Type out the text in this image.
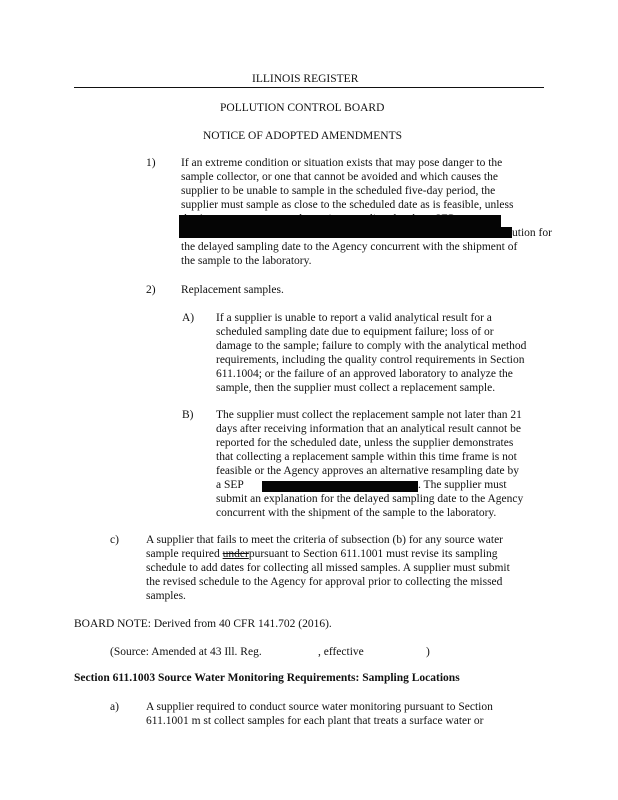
ILLINOIS REGISTER

POLLUTION CONTROL BOARD

NOTICE OF ADOPTED AMENDMENTS

1) If an extreme condition or situation exists that may pose danger to the
sample collector, or one that cannot be avoided and which causes the
supplier to be unable to sample in the scheduled five-day period, the
supplier must sample as close to the scheduled date as is feasible, unless
ution for
the delayed sampling date to the Agency concurrent with the shipment of
the sample to the laboratory.
2) Replacement samples.
A) If a supplier is unable to report a valid analytical result for a
scheduled sampling date due to equipment failure; loss of or
damage to the sample; failure to comply with the analytical method
requirements, including the quality control requirements in Section
611.1004; or the failure of an approved laboratory to analyze the
sample, then the supplier must collect a replacement sample.
B) The supplier must collect the replacement sample not later than 21
days after receiving information that an analytical result cannot be
reported for the scheduled date, unless the supplier demonstrates
that collecting a replacement sample within this time frame is not
feasible or the Agency approves an alternative resampling date by
a SEP	. The supplier must
submit an explanation for the delayed sampling date to the Agency
concurrent with the shipment of the sample to the laboratory.
c) A supplier that fails to meet the criteria of subsection (b) for any source water
sample required underpursuant to Section 611.1001 must revise its sampling
schedule to add dates for collecting all missed samples. A supplier must submit
the revised schedule to the Agency for approval prior to collecting the missed
samples.
BOARD NOTE: Derived from 40 CFR 141.702 (2016).
(Source: Amended at 43 Ill. Reg.	, effective	)
Section 611.1003 Source Water Monitoring Requirements: Sampling Locations
a) A supplier required to conduct source water monitoring pursuant to Section
611.1001 m st collect samples for each plant that treats a surface water or
